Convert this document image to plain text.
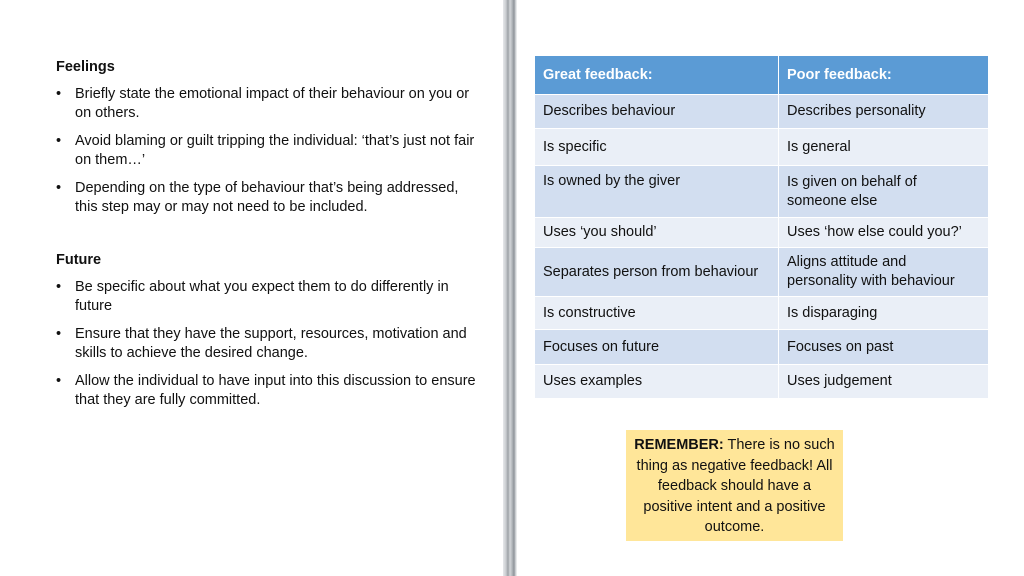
Feelings
• Briefly state the emotional impact of their behaviour on you or on others.
• Avoid blaming or guilt tripping the individual: ‘that’s just not fair on them…’
• Depending on the type of behaviour that’s being addressed, this step may or may not need to be included.
Future
• Be specific about what you expect them to do differently in future
• Ensure that they have the support, resources, motivation and skills to achieve the desired change.
• Allow the individual to have input into this discussion to ensure that they are fully committed.
Great feedback:	Poor feedback:
Describes behaviour	Describes personality
Is specific	Is general
Is owned by the giver	Is given on behalf of someone else
Uses ‘you should’	Uses ‘how else could you?’
Separates person from behaviour	Aligns attitude and personality with behaviour
Is constructive	Is disparaging
Focuses on future	Focuses on past
Uses examples	Uses judgement
REMEMBER: There is no such thing as negative feedback! All feedback should have a positive intent and a positive outcome.
